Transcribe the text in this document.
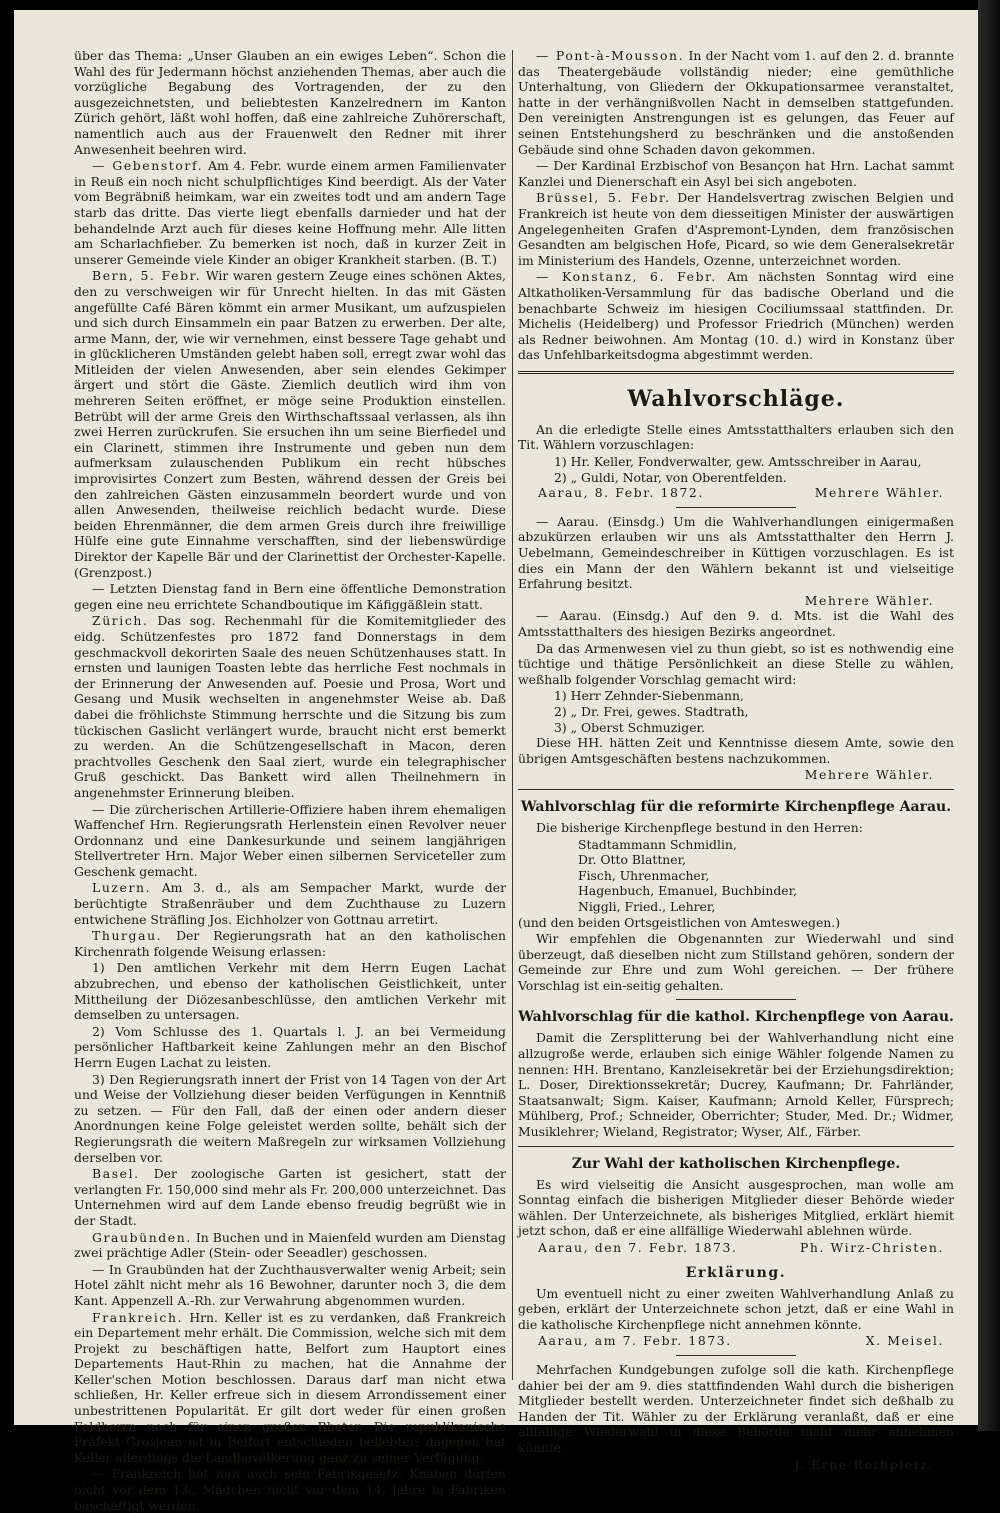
über das Thema: „Unser Glauben an ein ewiges Leben“. Schon die Wahl des für Jedermann höchst anziehenden Themas, aber auch die vorzügliche Begabung des Vortragenden, der zu den ausgezeichnetsten, und beliebtesten Kanzelrednern im Kanton Zürich gehört, läßt wohl hoffen, daß eine zahlreiche Zuhörerschaft, namentlich auch aus der Frauenwelt den Redner mit ihrer Anwesenheit beehren wird.

— Gebenstorf. Am 4. Febr. wurde einem armen Familienvater in Reuß ein noch nicht schulpflichtiges Kind beerdigt. Als der Vater vom Begräbniß heimkam, war ein zweites todt und am andern Tage starb das dritte. Das vierte liegt ebenfalls darnieder und hat der behandelnde Arzt auch für dieses keine Hoffnung mehr. Alle litten am Scharlachfieber. Zu bemerken ist noch, daß in kurzer Zeit in unserer Gemeinde viele Kinder an obiger Krankheit starben. (B. T.)

Bern, 5. Febr. Wir waren gestern Zeuge eines schönen Aktes, den zu verschweigen wir für Unrecht hielten. In das mit Gästen angefüllte Café Bären kömmt ein armer Musikant, um aufzuspielen und sich durch Einsammeln ein paar Batzen zu erwerben. Der alte, arme Mann, der, wie wir vernehmen, einst bessere Tage gehabt und in glücklicheren Umständen gelebt haben soll, erregt zwar wohl das Mitleiden der vielen Anwesenden, aber sein elendes Gekimper ärgert und stört die Gäste. Ziemlich deutlich wird ihm von mehreren Seiten eröffnet, er möge seine Produktion einstellen. Betrübt will der arme Greis den Wirthschaftssaal verlassen, als ihn zwei Herren zurückrufen. Sie ersuchen ihn um seine Bierfiedel und ein Clarinett, stimmen ihre Instrumente und geben nun dem aufmerksam zulauschenden Publikum ein recht hübsches improvisirtes Conzert zum Besten, während dessen der Greis bei den zahlreichen Gästen einzusammeln beordert wurde und von allen Anwesenden, theilweise reichlich bedacht wurde. Diese beiden Ehrenmänner, die dem armen Greis durch ihre freiwillige Hülfe eine gute Einnahme verschafften, sind der liebenswürdige Direktor der Kapelle Bär und der Clarinettist der Orchester-Kapelle. (Grenzpost.)

— Letzten Dienstag fand in Bern eine öffentliche Demonstration gegen eine neu errichtete Schandboutique im Käfiggäßlein statt.

Zürich. Das sog. Rechenmahl für die Komitemitglieder des eidg. Schützenfestes pro 1872 fand Donnerstags in dem geschmackvoll dekorirten Saale des neuen Schützenhauses statt. In ernsten und launigen Toasten lebte das herrliche Fest nochmals in der Erinnerung der Anwesenden auf. Poesie und Prosa, Wort und Gesang und Musik wechselten in angenehmster Weise ab. Daß dabei die fröhlichste Stimmung herrschte und die Sitzung bis zum tückischen Gaslicht verlängert wurde, braucht nicht erst bemerkt zu werden. An die Schützengesellschaft in Macon, deren prachtvolles Geschenk den Saal ziert, wurde ein telegraphischer Gruß geschickt. Das Bankett wird allen Theilnehmern in angenehmster Erinnerung bleiben.

— Die zürcherischen Artillerie-Offiziere haben ihrem ehemaligen Waffenchef Hrn. Regierungsrath Herlenstein einen Revolver neuer Ordonnanz und eine Dankesurkunde und seinem langjährigen Stellvertreter Hrn. Major Weber einen silbernen Serviceteller zum Geschenk gemacht.

Luzern. Am 3. d., als am Sempacher Markt, wurde der berüchtigte Straßenräuber und dem Zuchthause zu Luzern entwichene Sträfling Jos. Eichholzer von Gottnau arretirt.

Thurgau. Der Regierungsrath hat an den katholischen Kirchenrath folgende Weisung erlassen:

1) Den amtlichen Verkehr mit dem Herrn Eugen Lachat abzubrechen, und ebenso der katholischen Geistlichkeit, unter Mittheilung der Diözesanbeschlüsse, den amtlichen Verkehr mit demselben zu untersagen.

2) Vom Schlusse des 1. Quartals l. J. an bei Vermeidung persönlicher Haftbarkeit keine Zahlungen mehr an den Bischof Herrn Eugen Lachat zu leisten.

3) Den Regierungsrath innert der Frist von 14 Tagen von der Art und Weise der Vollziehung dieser beiden Verfügungen in Kenntniß zu setzen. — Für den Fall, daß der einen oder andern dieser Anordnungen keine Folge geleistet werden sollte, behält sich der Regierungsrath die weitern Maßregeln zur wirksamen Vollziehung derselben vor.

Basel. Der zoologische Garten ist gesichert, statt der verlangten Fr. 150,000 sind mehr als Fr. 200,000 unterzeichnet. Das Unternehmen wird auf dem Lande ebenso freudig begrüßt wie in der Stadt.

Graubünden. In Buchen und in Maienfeld wurden am Dienstag zwei prächtige Adler (Stein- oder Seeadler) geschossen.

— In Graubünden hat der Zuchthausverwalter wenig Arbeit; sein Hotel zählt nicht mehr als 16 Bewohner, darunter noch 3, die dem Kant. Appenzell A.-Rh. zur Verwahrung abgenommen wurden.

Frankreich. Hrn. Keller ist es zu verdanken, daß Frankreich ein Departement mehr erhält. Die Commission, welche sich mit dem Projekt zu beschäftigen hatte, Belfort zum Hauptort eines Departements Haut-Rhin zu machen, hat die Annahme der Keller'schen Motion beschlossen. Daraus darf man nicht etwa schließen, Hr. Keller erfreue sich in diesem Arrondissement einer unbestrittenen Popularität. Er gilt dort weder für einen großen Feldherrn noch für einen großen Rhetor. Die republikanische Präfekt Grosjean ist in Belfort entschieden beliebter; dagegen hat Keller allerdings die Landbevölkerung ganz zu seiner Verfügung.

— Frankreich hat nun auch sein Fabrikgesetz. Knaben dürfen nicht vor dem 13., Mädchen nicht vor dem 14. Jahre in Fabriken beschäftigt werden.

— Pont-à-Mousson. In der Nacht vom 1. auf den 2. d. brannte das Theatergebäude vollständig nieder; eine gemüthliche Unterhaltung, von Gliedern der Okkupationsarmee veranstaltet, hatte in der verhängnißvollen Nacht in demselben stattgefunden. Den vereinigten Anstrengungen ist es gelungen, das Feuer auf seinen Entstehungsherd zu beschränken und die anstoßenden Gebäude sind ohne Schaden davon gekommen.

— Der Kardinal Erzbischof von Besançon hat Hrn. Lachat sammt Kanzlei und Dienerschaft ein Asyl bei sich angeboten.

Brüssel, 5. Febr. Der Handelsvertrag zwischen Belgien und Frankreich ist heute von dem diesseitigen Minister der auswärtigen Angelegenheiten Grafen d'Aspremont-Lynden, dem französischen Gesandten am belgischen Hofe, Picard, so wie dem Generalsekretär im Ministerium des Handels, Ozenne, unterzeichnet worden.

— Konstanz, 6. Febr. Am nächsten Sonntag wird eine Altkatholiken-Versammlung für das badische Oberland und die benachbarte Schweiz im hiesigen Cociliumssaal stattfinden. Dr. Michelis (Heidelberg) und Professor Friedrich (München) werden als Redner beiwohnen. Am Montag (10. d.) wird in Konstanz über das Unfehlbarkeitsdogma abgestimmt werden.

Wahlvorschläge.

An die erledigte Stelle eines Amtsstatthalters erlauben sich den Tit. Wählern vorzuschlagen:

1) Hr. Keller, Fondverwalter, gew. Amtsschreiber in Aarau,
2) „ Guldi, Notar, von Oberentfelden.
Aarau, 8. Febr. 1872.	Mehrere Wähler.

— Aarau. (Einsdg.) Um die Wahlverhandlungen einigermaßen abzukürzen erlauben wir uns als Amtsstatthalter den Herrn J. Uebelmann, Gemeindeschreiber in Küttigen vorzuschlagen. Es ist dies ein Mann der den Wählern bekannt ist und vielseitige Erfahrung besitzt.

Mehrere Wähler.

— Aarau. (Einsdg.) Auf den 9. d. Mts. ist die Wahl des Amtsstatthalters des hiesigen Bezirks angeordnet.

Da das Armenwesen viel zu thun giebt, so ist es nothwendig eine tüchtige und thätige Persönlichkeit an diese Stelle zu wählen, weßhalb folgender Vorschlag gemacht wird:

1) Herr Zehnder-Siebenmann,
2) „ Dr. Frei, gewes. Stadtrath,
3) „ Oberst Schmuziger.

Diese HH. hätten Zeit und Kenntnisse diesem Amte, sowie den übrigen Amtsgeschäften bestens nachzukommen.

Mehrere Wähler.
Wahlvorschlag für die reformirte Kirchenpflege Aarau.

Die bisherige Kirchenpflege bestund in den Herren:

Stadtammann Schmidlin,
Dr. Otto Blattner,
Fisch, Uhrenmacher,
Hagenbuch, Emanuel, Buchbinder,
Niggli, Fried., Lehrer,

(und den beiden Ortsgeistlichen von Amteswegen.)

Wir empfehlen die Obgenannten zur Wiederwahl und sind überzeugt, daß dieselben nicht zum Stillstand gehören, sondern der Gemeinde zur Ehre und zum Wohl gereichen. — Der frühere Vorschlag ist ein-seitig gehalten.

Wahlvorschlag für die kathol. Kirchenpflege von Aarau.

Damit die Zersplitterung bei der Wahlverhandlung nicht eine allzugroße werde, erlauben sich einige Wähler folgende Namen zu nennen: HH. Brentano, Kanzleisekretär bei der Erziehungsdirektion; L. Doser, Direktionssekretär; Ducrey, Kaufmann; Dr. Fahrländer, Staatsanwalt; Sigm. Kaiser, Kaufmann; Arnold Keller, Fürsprech; Mühlberg, Prof.; Schneider, Oberrichter; Studer, Med. Dr.; Widmer, Musiklehrer; Wieland, Registrator; Wyser, Alf., Färber.

Zur Wahl der katholischen Kirchenpflege.

Es wird vielseitig die Ansicht ausgesprochen, man wolle am Sonntag einfach die bisherigen Mitglieder dieser Behörde wieder wählen. Der Unterzeichnete, als bisheriges Mitglied, erklärt hiemit jetzt schon, daß er eine allfällige Wiederwahl ablehnen würde.

Aarau, den 7. Febr. 1873.	Ph. Wirz-Christen.
Erklärung.

Um eventuell nicht zu einer zweiten Wahlverhandlung Anlaß zu geben, erklärt der Unterzeichnete schon jetzt, daß er eine Wahl in die katholische Kirchenpflege nicht annehmen könnte.

Aarau, am 7. Febr. 1873.	X. Meisel.

Mehrfachen Kundgebungen zufolge soll die kath. Kirchenpflege dahier bei der am 9. dies stattfindenden Wahl durch die bisherigen Mitglieder bestellt werden. Unterzeichneter findet sich deßhalb zu Handen der Tit. Wähler zu der Erklärung veranlaßt, daß er eine allfällige Wiederwahl in diese Behörde nicht mehr annehmen könnte.

J. Erne-Rothpletz.
